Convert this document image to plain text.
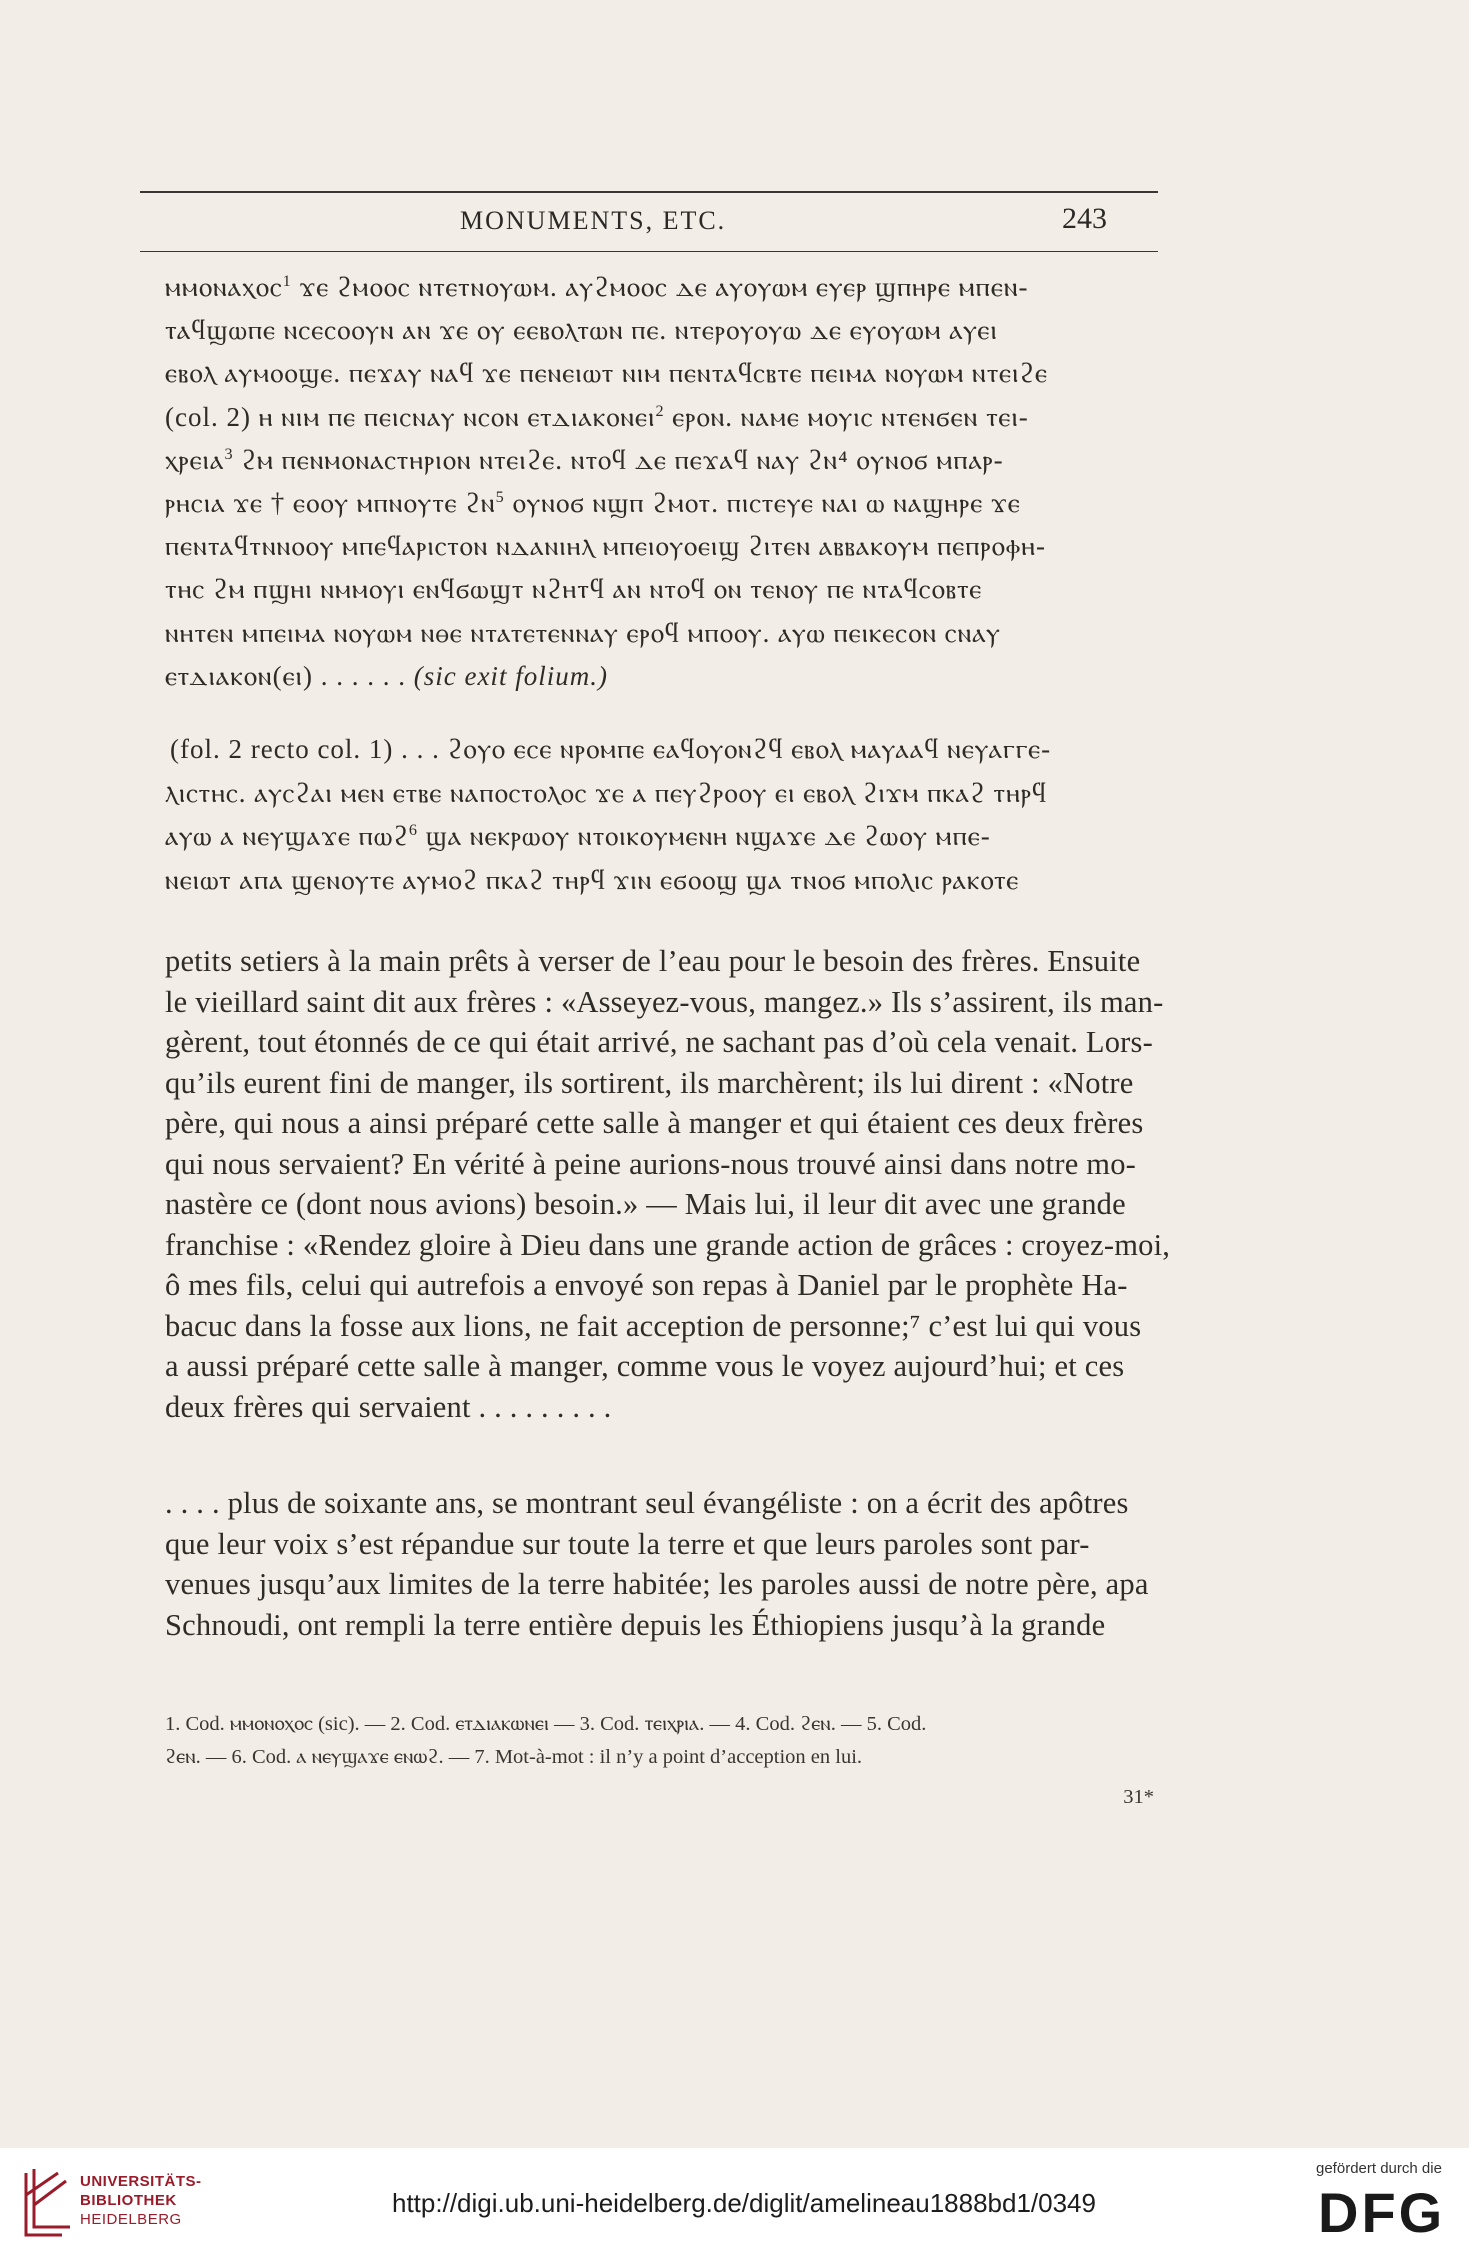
MONUMENTS, ETC.	243
ⲙⲙⲟⲛⲁⲭⲟⲥ$^1$ ϫⲉ ϩⲙⲟⲟⲥ ⲛⲧⲉⲧⲛⲟⲩⲱⲙ. ⲁⲩϩⲙⲟⲟⲥ ⲇⲉ ⲁⲩⲟⲩⲱⲙ ⲉⲩⲉⲣ ϣⲡⲏⲣⲉ ⲙⲡⲉⲛ-
ⲧⲁϥϣⲱⲡⲉ ⲛⲥⲉⲥⲟⲟⲩⲛ ⲁⲛ ϫⲉ ⲟⲩ ⲉⲉⲃⲟⲗⲧⲱⲛ ⲡⲉ. ⲛⲧⲉⲣⲟⲩⲟⲩⲱ ⲇⲉ ⲉⲩⲟⲩⲱⲙ ⲁⲩⲉⲓ
ⲉⲃⲟⲗ ⲁⲩⲙⲟⲟϣⲉ. ⲡⲉϫⲁⲩ ⲛⲁϥ ϫⲉ ⲡⲉⲛⲉⲓⲱⲧ ⲛⲓⲙ ⲡⲉⲛⲧⲁϥⲥⲃⲧⲉ ⲡⲉⲓⲙⲁ ⲛⲟⲩⲱⲙ ⲛⲧⲉⲓϩⲉ
(col. 2) ⲏ ⲛⲓⲙ ⲡⲉ ⲡⲉⲓⲥⲛⲁⲩ ⲛⲥⲟⲛ ⲉⲧⲇⲓⲁⲕⲟⲛⲉⲓ$^2$ ⲉⲣⲟⲛ. ⲛⲁⲙⲉ ⲙⲟⲩⲓⲥ ⲛⲧⲉⲛϭⲉⲛ ⲧⲉⲓ-
ⲭⲣⲉⲓⲁ$^3$ ϩⲙ ⲡⲉⲛⲙⲟⲛⲁⲥⲧⲏⲣⲓⲟⲛ ⲛⲧⲉⲓϩⲉ. ⲛⲧⲟϥ ⲇⲉ ⲡⲉϫⲁϥ ⲛⲁⲩ ϩⲛ⁴ ⲟⲩⲛⲟϭ ⲙⲡⲁⲣ-
ⲣⲏⲥⲓⲁ ϫⲉ † ⲉⲟⲟⲩ ⲙⲡⲛⲟⲩⲧⲉ ϩⲛ$^5$ ⲟⲩⲛⲟϭ ⲛϣⲡ ϩⲙⲟⲧ. ⲡⲓⲥⲧⲉⲩⲉ ⲛⲁⲓ ⲱ ⲛⲁϣⲏⲣⲉ ϫⲉ
ⲡⲉⲛⲧⲁϥⲧⲛⲛⲟⲟⲩ ⲙⲡⲉϥⲁⲣⲓⲥⲧⲟⲛ ⲛⲇⲁⲛⲓⲏⲗ ⲙⲡⲉⲓⲟⲩⲟⲉⲓϣ ϩⲓⲧⲉⲛ ⲁⲃⲃⲁⲕⲟⲩⲙ ⲡⲉⲡⲣⲟⲫⲏ-
ⲧⲏⲥ ϩⲙ ⲡϣⲏⲓ ⲛⲙⲙⲟⲩⲓ ⲉⲛϥϭⲱϣⲧ ⲛϩⲏⲧϥ ⲁⲛ ⲛⲧⲟϥ ⲟⲛ ⲧⲉⲛⲟⲩ ⲡⲉ ⲛⲧⲁϥⲥⲟⲃⲧⲉ
ⲛⲏⲧⲉⲛ ⲙⲡⲉⲓⲙⲁ ⲛⲟⲩⲱⲙ ⲛⲑⲉ ⲛⲧⲁⲧⲉⲧⲉⲛⲛⲁⲩ ⲉⲣⲟϥ ⲙⲡⲟⲟⲩ. ⲁⲩⲱ ⲡⲉⲓⲕⲉⲥⲟⲛ ⲥⲛⲁⲩ
ⲉⲧⲇⲓⲁⲕⲟⲛ(ⲉⲓ) . . . . . . (sic exit folium.)
(fol. 2 recto col. 1) . . . ϩⲟⲩⲟ ⲉⲥⲉ ⲛⲣⲟⲙⲡⲉ ⲉⲁϥⲟⲩⲟⲛϩϥ ⲉⲃⲟⲗ ⲙⲁⲩⲁⲁϥ ⲛⲉⲩⲁⲅⲅⲉ-
ⲗⲓⲥⲧⲏⲥ. ⲁⲩⲥϩⲁⲓ ⲙⲉⲛ ⲉⲧⲃⲉ ⲛⲁⲡⲟⲥⲧⲟⲗⲟⲥ ϫⲉ ⲁ ⲡⲉⲩϩⲣⲟⲟⲩ ⲉⲓ ⲉⲃⲟⲗ ϩⲓϫⲙ ⲡⲕⲁϩ ⲧⲏⲣϥ
ⲁⲩⲱ ⲁ ⲛⲉⲩϣⲁϫⲉ ⲡⲱϩ$^6$ ϣⲁ ⲛⲉⲕⲣⲱⲟⲩ ⲛⲧⲟⲓⲕⲟⲩⲙⲉⲛⲏ ⲛϣⲁϫⲉ ⲇⲉ ϩⲱⲟⲩ ⲙⲡⲉ-
ⲛⲉⲓⲱⲧ ⲁⲡⲁ ϣⲉⲛⲟⲩⲧⲉ ⲁⲩⲙⲟϩ ⲡⲕⲁϩ ⲧⲏⲣϥ ϫⲓⲛ ⲉϭⲟⲟϣ ϣⲁ ⲧⲛⲟϭ ⲙⲡⲟⲗⲓⲥ ⲣⲁⲕⲟⲧⲉ
petits setiers à la main prêts à verser de l’eau pour le besoin des frères. Ensuite
le vieillard saint dit aux frères : «Asseyez-vous, mangez.» Ils s’assirent, ils man-
gèrent, tout étonnés de ce qui était arrivé, ne sachant pas d’où cela venait. Lors-
qu’ils eurent fini de manger, ils sortirent, ils marchèrent; ils lui dirent : «Notre
père, qui nous a ainsi préparé cette salle à manger et qui étaient ces deux frères
qui nous servaient? En vérité à peine aurions-nous trouvé ainsi dans notre mo-
nastère ce (dont nous avions) besoin.» — Mais lui, il leur dit avec une grande
franchise : «Rendez gloire à Dieu dans une grande action de grâces : croyez-moi,
ô mes fils, celui qui autrefois a envoyé son repas à Daniel par le prophète Ha-
bacuc dans la fosse aux lions, ne fait acception de personne;⁷ c’est lui qui vous
a aussi préparé cette salle à manger, comme vous le voyez aujourd’hui; et ces
deux frères qui servaient . . . . . . . . .
. . . . plus de soixante ans, se montrant seul évangéliste : on a écrit des apôtres
que leur voix s’est répandue sur toute la terre et que leurs paroles sont par-
venues jusqu’aux limites de la terre habitée; les paroles aussi de notre père, apa
Schnoudi, ont rempli la terre entière depuis les Éthiopiens jusqu’à la grande
1. Cod. ⲙⲙⲟⲛⲟⲭⲟⲥ (sic). — 2. Cod. ⲉⲧⲇⲓⲁⲕⲱⲛⲉⲓ — 3. Cod. ⲧⲉⲓⲭⲣⲓⲁ. — 4. Cod. ϩⲉⲛ. — 5. Cod.
ϩⲉⲛ. — 6. Cod. ⲁ ⲛⲉⲩϣⲁϫⲉ ⲉⲛⲱϩ. — 7. Mot-à-mot : il n’y a point d’acception en lui.
31*
UNIVERSITÄTS-
BIBLIOTHEK
HEIDELBERG
http://digi.ub.uni-heidelberg.de/diglit/amelineau1888bd1/0349
gefördert durch die
DFG
